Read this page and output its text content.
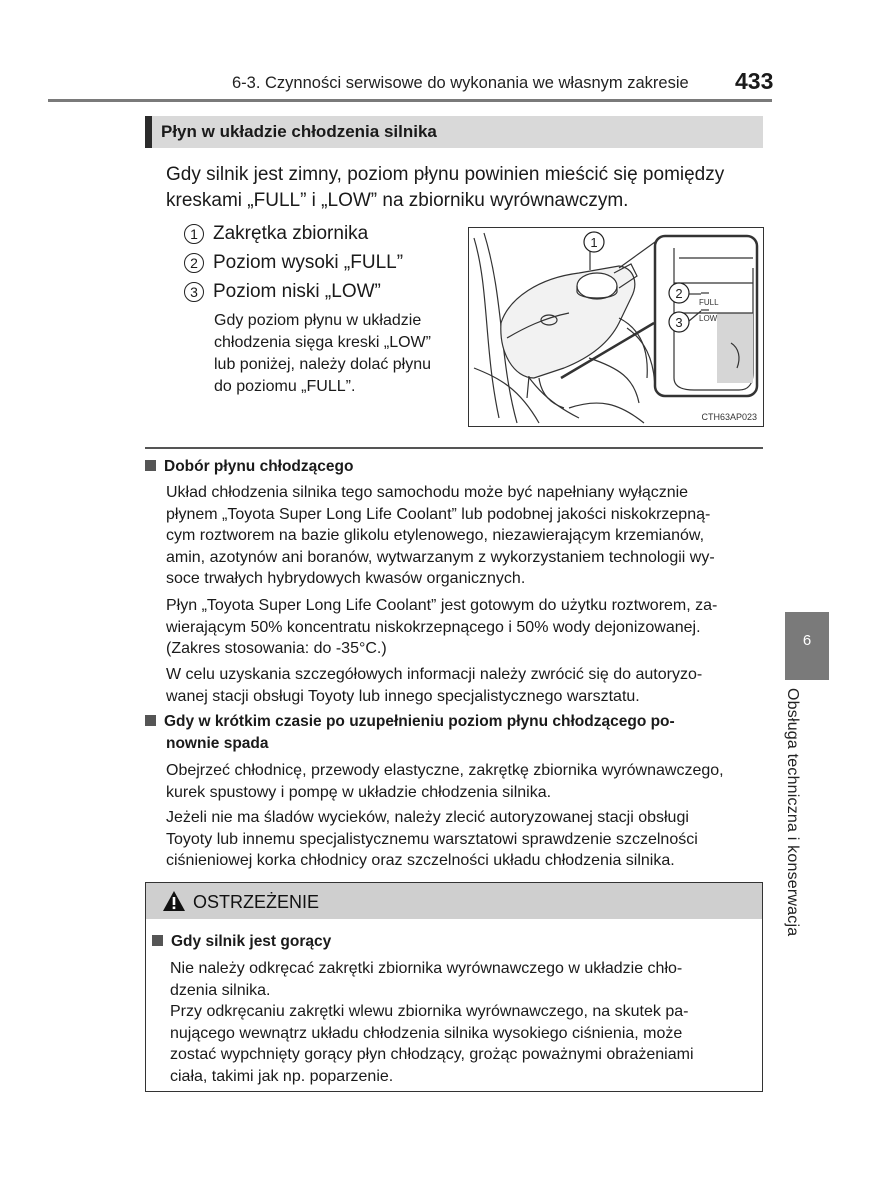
6-3. Czynności serwisowe do wykonania we własnym zakresie 433
Płyn w układzie chłodzenia silnika
Gdy silnik jest zimny, poziom płynu powinien mieścić się pomiędzy
kreskami „FULL” i „LOW” na zbiorniku wyrównawczym.
1 Zakrętka zbiornika
2 Poziom wysoki „FULL”
3 Poziom niski „LOW”
Gdy poziom płynu w układzie
chłodzenia sięga kreski „LOW”
lub poniżej, należy dolać płynu
do poziomu „FULL”.
1
2
3
FULL
LOW
CTH63AP023
Dobór płynu chłodzącego
Układ chłodzenia silnika tego samochodu może być napełniany wyłącznie
płynem „Toyota Super Long Life Coolant” lub podobnej jakości niskokrzepną-
cym roztworem na bazie glikolu etylenowego, niezawierającym krzemianów,
amin, azotynów ani boranów, wytwarzanym z wykorzystaniem technologii wy-
soce trwałych hybrydowych kwasów organicznych.
Płyn „Toyota Super Long Life Coolant” jest gotowym do użytku roztworem, za-
wierającym 50% koncentratu niskokrzepnącego i 50% wody dejonizowanej.
(Zakres stosowania: do -35°C.)
W celu uzyskania szczegółowych informacji należy zwrócić się do autoryzo-
wanej stacji obsługi Toyoty lub innego specjalistycznego warsztatu.
Gdy w krótkim czasie po uzupełnieniu poziom płynu chłodzącego po-
nownie spada
Obejrzeć chłodnicę, przewody elastyczne, zakrętkę zbiornika wyrównawczego,
kurek spustowy i pompę w układzie chłodzenia silnika.
Jeżeli nie ma śladów wycieków, należy zlecić autoryzowanej stacji obsługi
Toyoty lub innemu specjalistycznemu warsztatowi sprawdzenie szczelności
ciśnieniowej korka chłodnicy oraz szczelności układu chłodzenia silnika.
6
Obsługa techniczna i konserwacja
OSTRZEŻENIE
Gdy silnik jest gorący
Nie należy odkręcać zakrętki zbiornika wyrównawczego w układzie chło-
dzenia silnika.
Przy odkręcaniu zakrętki wlewu zbiornika wyrównawczego, na skutek pa-
nującego wewnątrz układu chłodzenia silnika wysokiego ciśnienia, może
zostać wypchnięty gorący płyn chłodzący, grożąc poważnymi obrażeniami
ciała, takimi jak np. poparzenie.
